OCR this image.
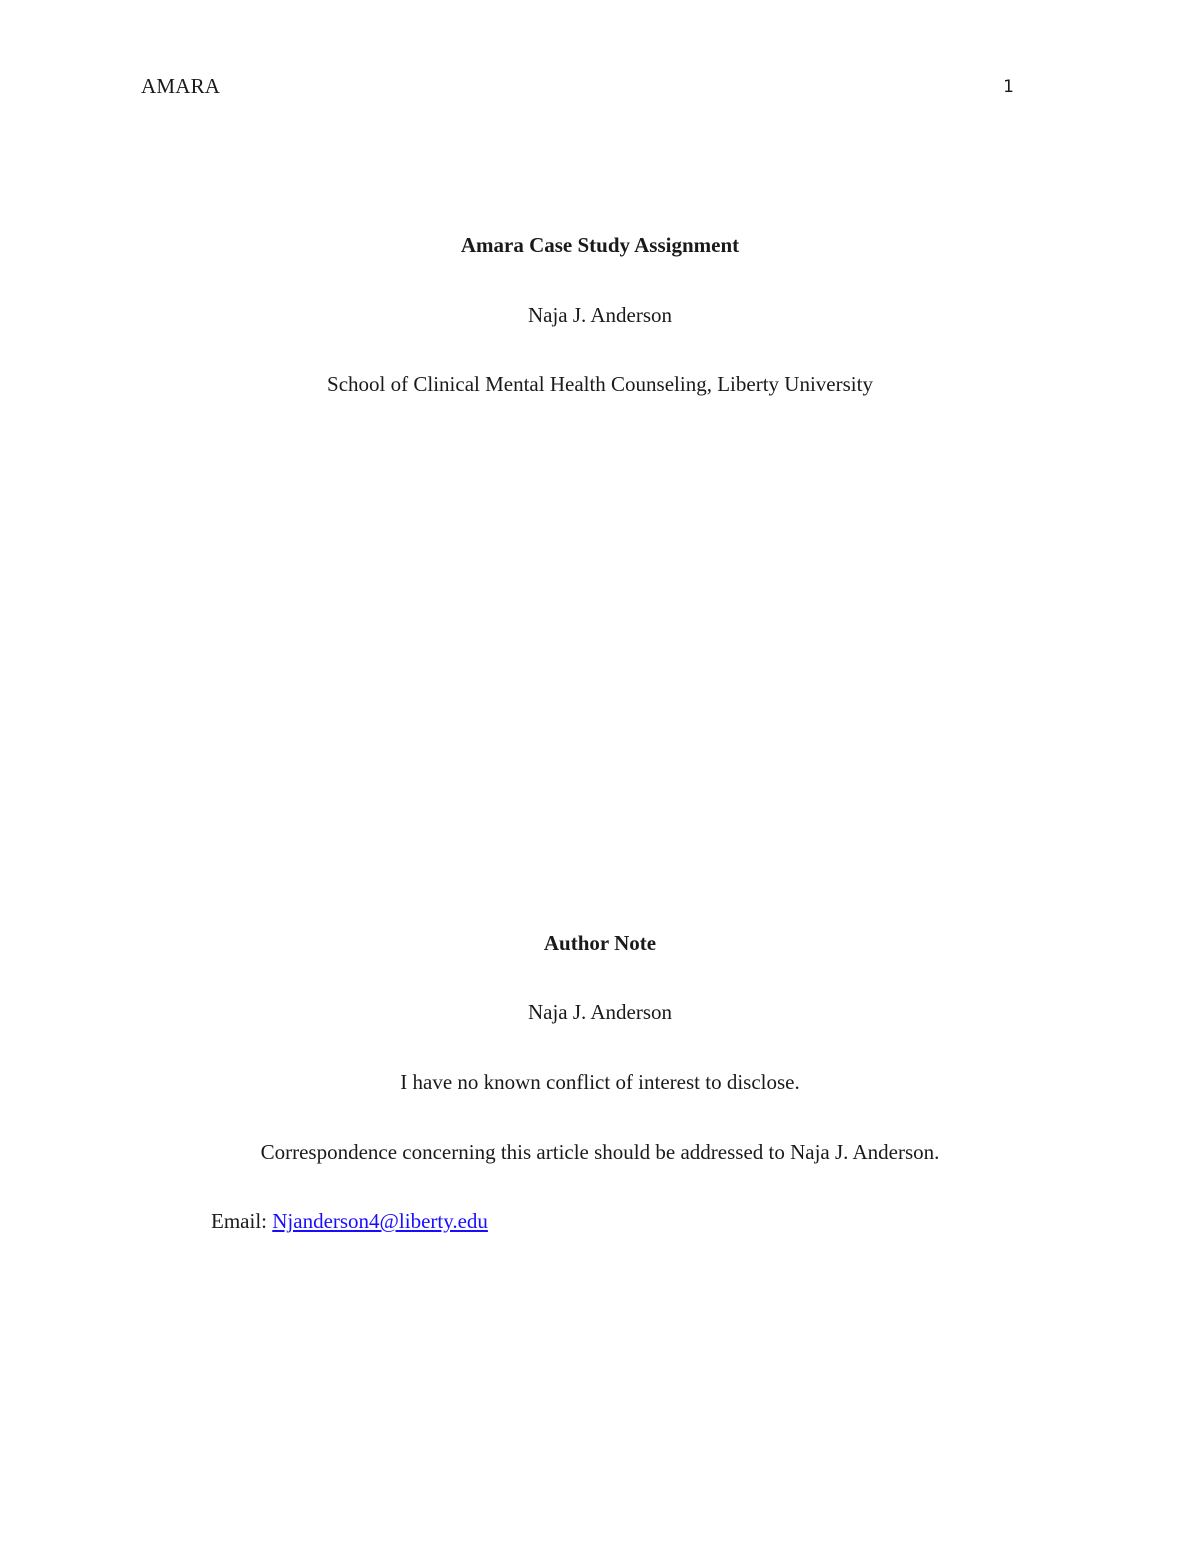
AMARA	1
Amara Case Study Assignment
Naja J. Anderson
School of Clinical Mental Health Counseling, Liberty University
Author Note
Naja J. Anderson
I have no known conflict of interest to disclose.
Correspondence concerning this article should be addressed to Naja J. Anderson.
Email: Njanderson4@liberty.edu
